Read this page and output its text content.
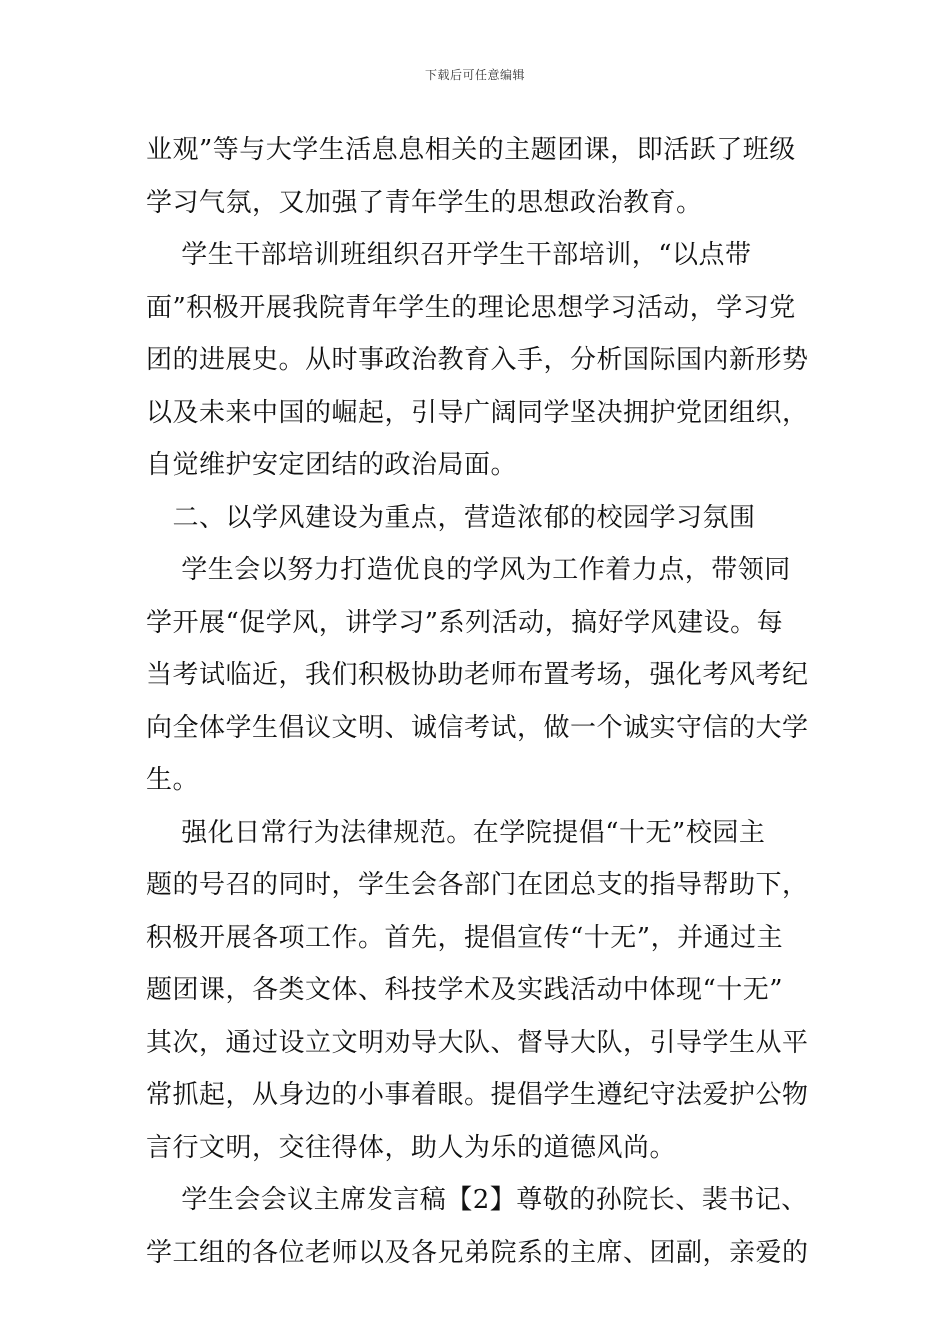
下载后可任意编辑
业观”等与大学生活息息相关的主题团课，即活跃了班级
学习气氛，又加强了青年学生的思想政治教育。
　 学生干部培训班组织召开学生干部培训，“以点带
面”积极开展我院青年学生的理论思想学习活动，学习党
团的进展史。从时事政治教育入手，分析国际国内新形势
以及未来中国的崛起，引导广阔同学坚决拥护党团组织，
自觉维护安定团结的政治局面。
　二、以学风建设为重点，营造浓郁的校园学习氛围
　 学生会以努力打造优良的学风为工作着力点，带领同
学开展“促学风，讲学习”系列活动，搞好学风建设。每
当考试临近，我们积极协助老师布置考场，强化考风考纪
向全体学生倡议文明、诚信考试，做一个诚实守信的大学
生。
　 强化日常行为法律规范。在学院提倡“十无”校园主
题的号召的同时，学生会各部门在团总支的指导帮助下，
积极开展各项工作。首先，提倡宣传“十无”，并通过主
题团课，各类文体、科技学术及实践活动中体现“十无”
其次，通过设立文明劝导大队、督导大队，引导学生从平
常抓起，从身边的小事着眼。提倡学生遵纪守法爱护公物
言行文明，交往得体，助人为乐的道德风尚。
　 学生会会议主席发言稿【2】尊敬的孙院长、裴书记、
学工组的各位老师以及各兄弟院系的主席、团副，亲爱的
